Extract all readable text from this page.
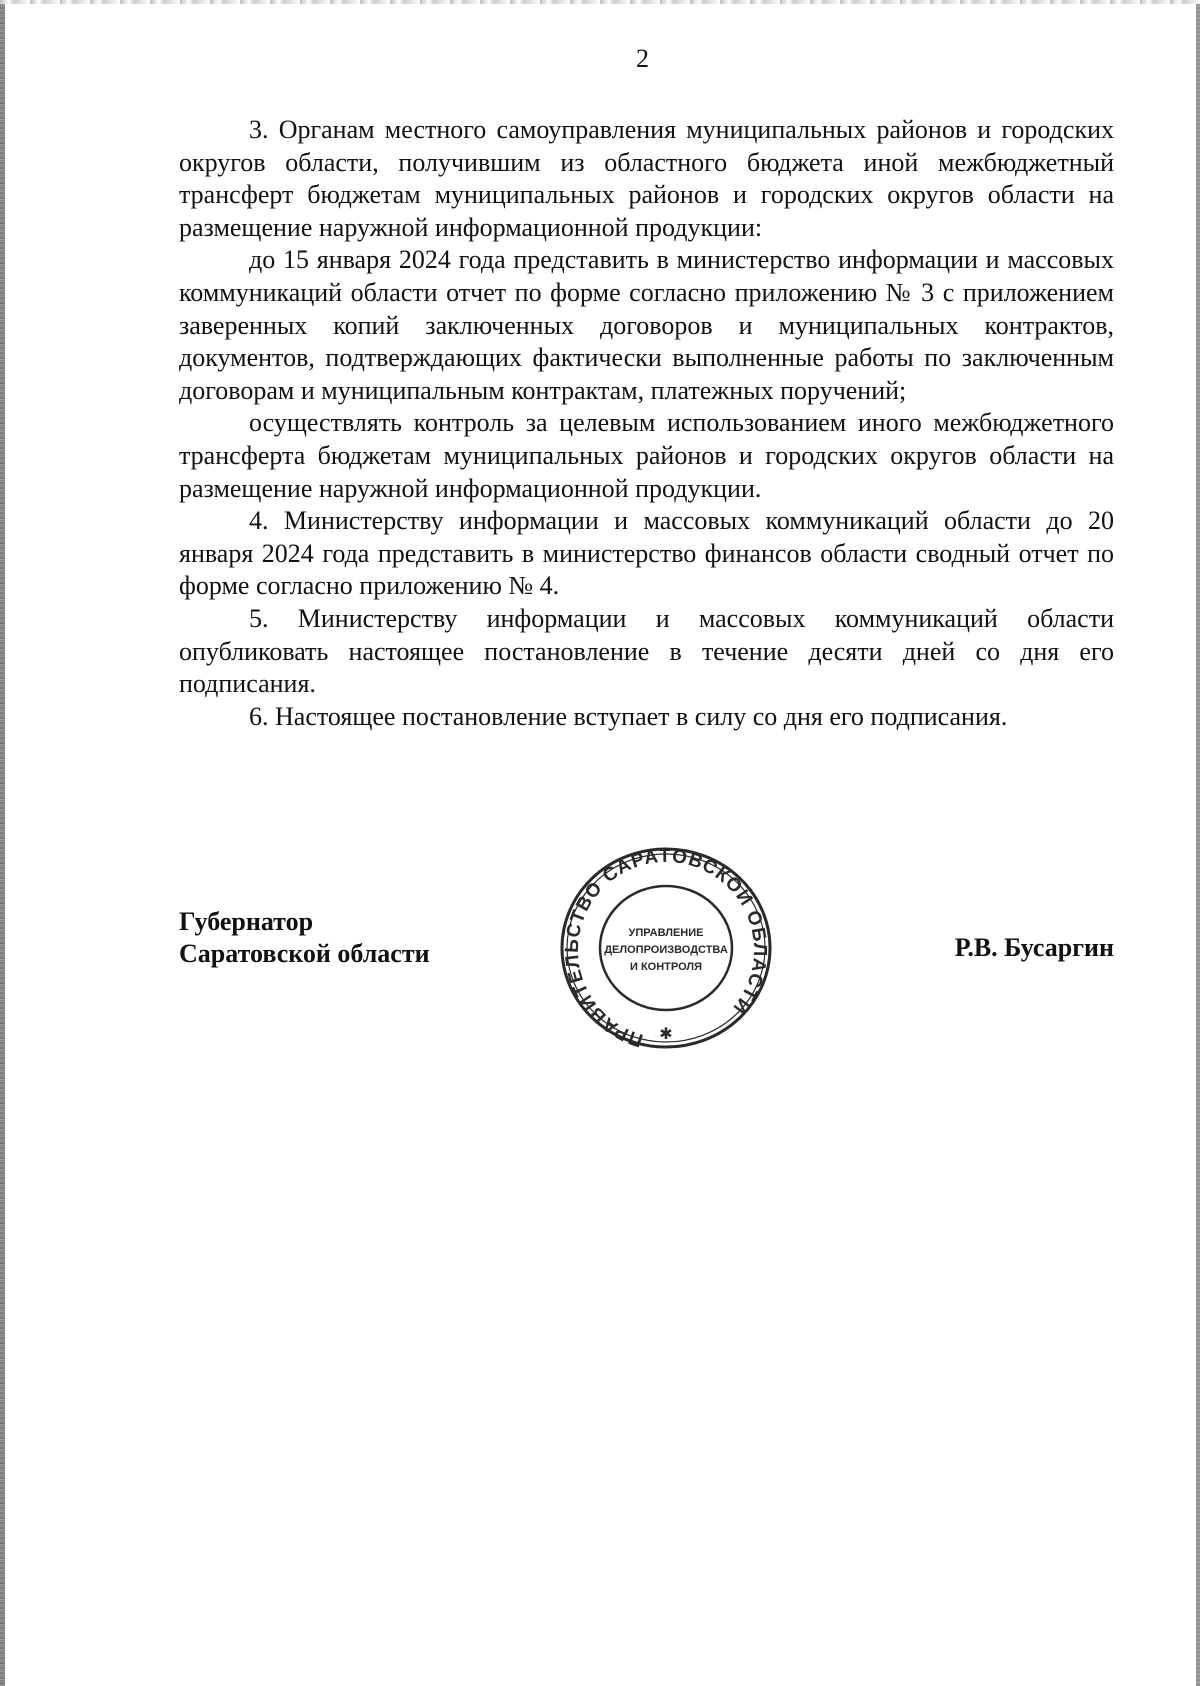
2

3. Органам местного самоуправления муниципальных районов и городских округов области, получившим из областного бюджета иной межбюджетный трансферт бюджетам муниципальных районов и городских округов области на размещение наружной информационной продукции:

до 15 января 2024 года представить в министерство информации и массовых коммуникаций области отчет по форме согласно приложению № 3 с приложением заверенных копий заключенных договоров и муниципальных контрактов, документов, подтверждающих фактически выполненные работы по заключенным договорам и муниципальным контрактам, платежных поручений;

осуществлять контроль за целевым использованием иного межбюджетного трансферта бюджетам муниципальных районов и городских округов области на размещение наружной информационной продукции.

4. Министерству информации и массовых коммуникаций области до 20 января 2024 года представить в министерство финансов области сводный отчет по форме согласно приложению № 4.

5. Министерству информации и массовых коммуникаций области опубликовать настоящее постановление в течение десяти дней со дня его подписания.

6. Настоящее постановление вступает в силу со дня его подписания.

Губернатор
Саратовской области	Р.В. Бусаргин
ПРАВИТЕЛЬСТВО САРАТОВСКОЙ ОБЛАСТИ
УПРАВЛЕНИЕ
ДЕЛОПРОИЗВОДСТВА
И КОНТРОЛЯ
✱
